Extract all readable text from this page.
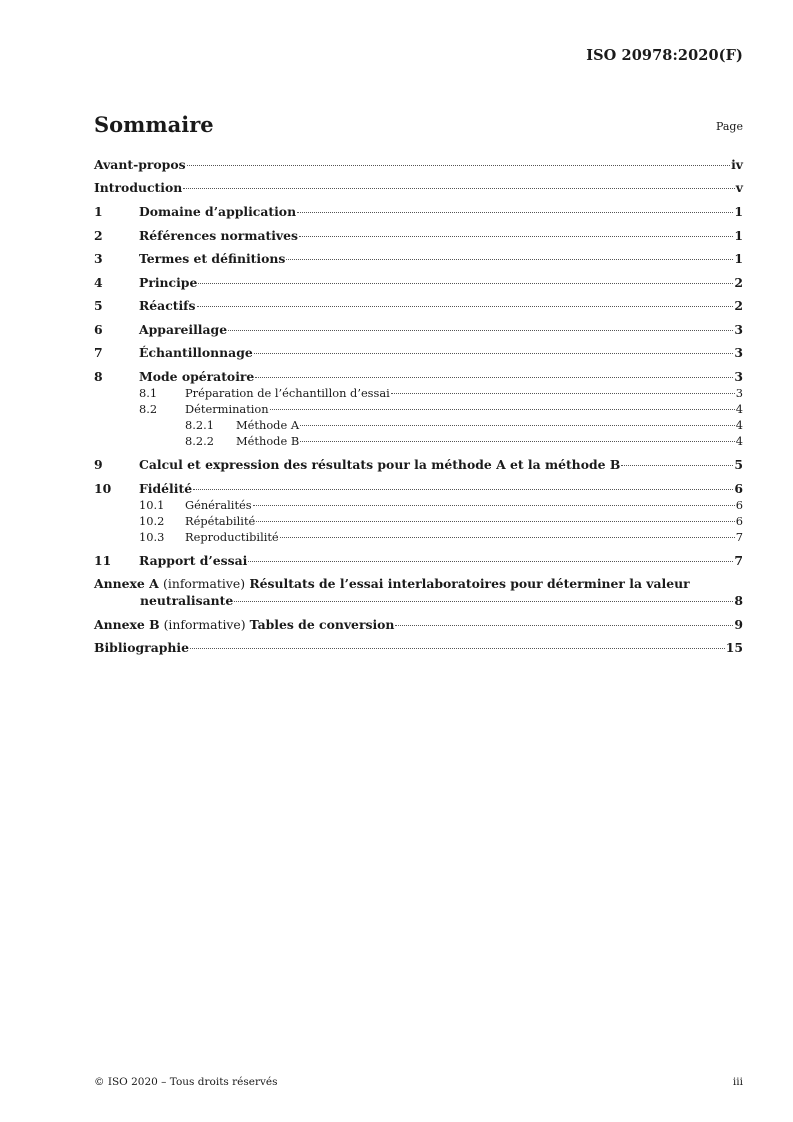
ISO 20978:2020(F)
Sommaire	Page
Avant-propos	iv
Introduction	v
1	Domaine d’application	1
2	Références normatives	1
3	Termes et définitions	1
4	Principe	2
5	Réactifs	2
6	Appareillage	3
7	Échantillonnage	3
8	Mode opératoire	3
8.1	Préparation de l’échantillon d’essai	3
8.2	Détermination	4
8.2.1	Méthode A	4
8.2.2	Méthode B	4
9	Calcul et expression des résultats pour la méthode A et la méthode B	5
10	Fidélité	6
10.1	Généralités	6
10.2	Répétabilité	6
10.3	Reproductibilité	7
11	Rapport d’essai	7
Annexe A (informative) Résultats de l’essai interlaboratoires pour déterminer la valeur
neutralisante	8
Annexe B (informative) Tables de conversion	9
Bibliographie	15
© ISO 2020 – Tous droits réservés	iii
